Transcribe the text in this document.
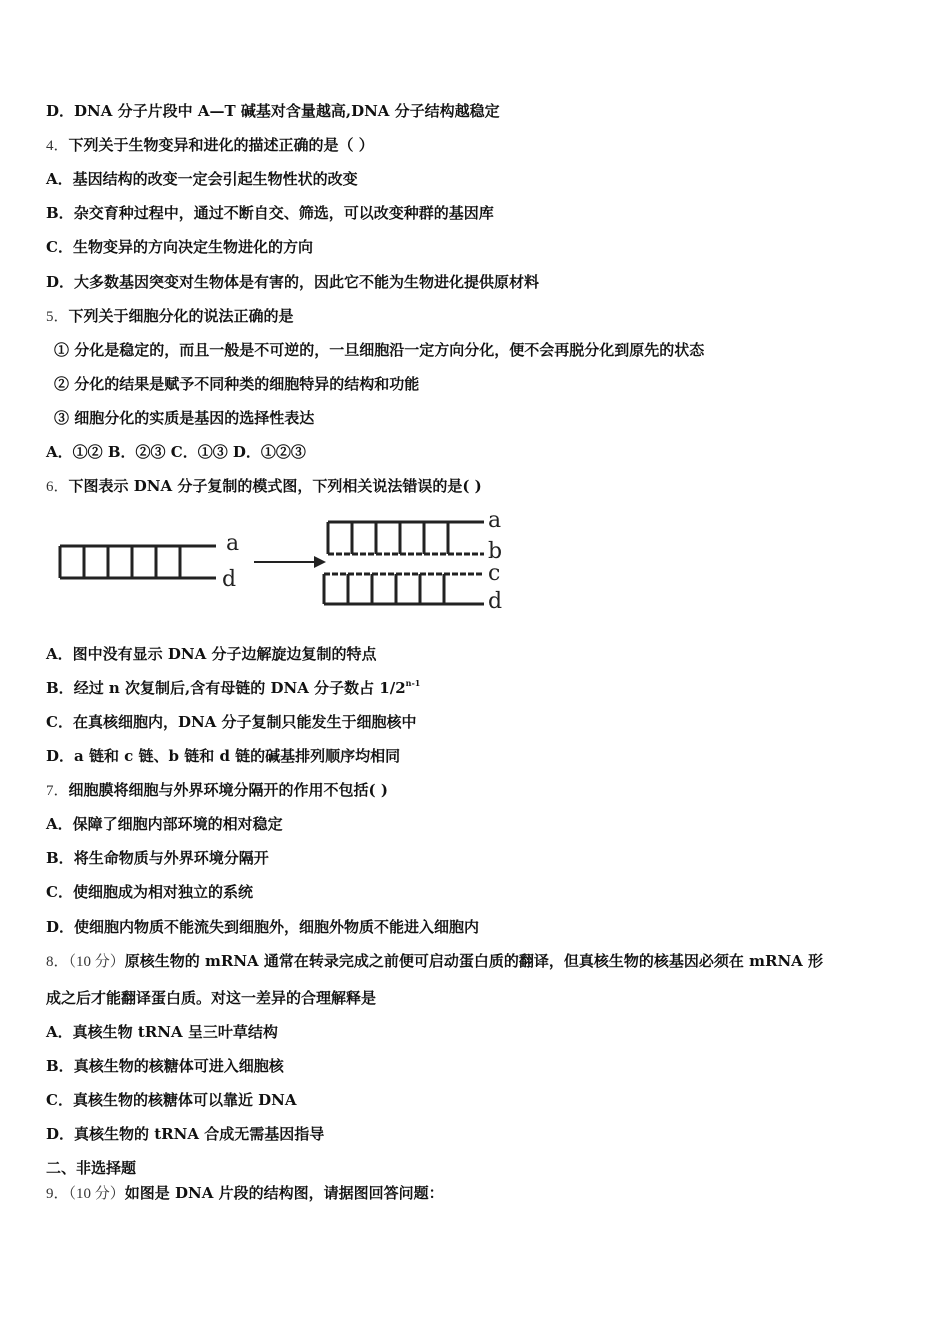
D．DNA 分子片段中 A—T 碱基对含量越高,DNA 分子结构越稳定
4．下列关于生物变异和进化的描述正确的是（ ）
A．基因结构的改变一定会引起生物性状的改变
B．杂交育种过程中，通过不断自交、筛选，可以改变种群的基因库
C．生物变异的方向决定生物进化的方向
D．大多数基因突变对生物体是有害的，因此它不能为生物进化提供原材料
5．下列关于细胞分化的说法正确的是
① 分化是稳定的，而且一般是不可逆的，一旦细胞沿一定方向分化，便不会再脱分化到原先的状态
② 分化的结果是赋予不同种类的细胞特异的结构和功能
③ 细胞分化的实质是基因的选择性表达
A．①② B．②③ C．①③ D．①②③
6．下图表示 DNA 分子复制的模式图，下列相关说法错误的是( )
a
d
a
b
c
d
A．图中没有显示 DNA 分子边解旋边复制的特点
B．经过 n 次复制后,含有母链的 DNA 分子数占 1/2$^{n-1}$
C．在真核细胞内，DNA 分子复制只能发生于细胞核中
D．a 链和 c 链、b 链和 d 链的碱基排列顺序均相同
7．细胞膜将细胞与外界环境分隔开的作用不包括( )
A．保障了细胞内部环境的相对稳定
B．将生命物质与外界环境分隔开
C．使细胞成为相对独立的系统
D．使细胞内物质不能流失到细胞外，细胞外物质不能进入细胞内
8．（10 分）原核生物的 mRNA 通常在转录完成之前便可启动蛋白质的翻译，但真核生物的核基因必须在 mRNA 形
成之后才能翻译蛋白质。对这一差异的合理解释是
A．真核生物 tRNA 呈三叶草结构
B．真核生物的核糖体可进入细胞核
C．真核生物的核糖体可以靠近 DNA
D．真核生物的 tRNA 合成无需基因指导
二、非选择题
9．（10 分）如图是 DNA 片段的结构图，请据图回答问题：
